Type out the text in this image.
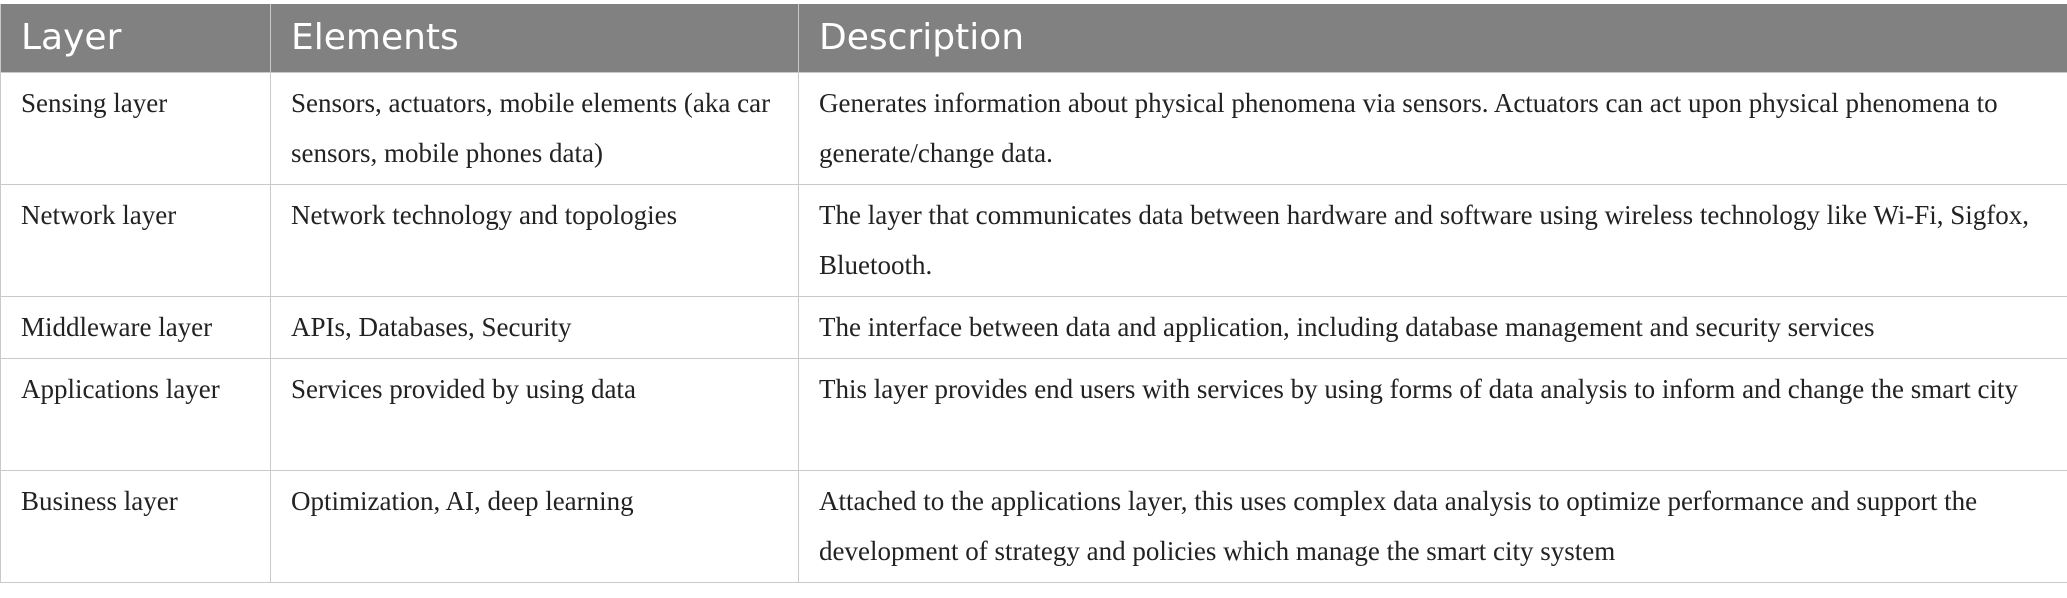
Layer	Elements	Description
Sensing layer	Sensors, actuators, mobile elements (aka car sensors, mobile phones data)	Generates information about physical phenomena via sensors. Actuators can act upon physical phenomena to generate/change data.
Network layer	Network technology and topologies	The layer that communicates data between hardware and software using wireless technology like Wi-Fi, Sigfox, Bluetooth.
Middleware layer	APIs, Databases, Security	The interface between data and application, including database management and security services
Applications layer	Services provided by using data	This layer provides end users with services by using forms of data analysis to inform and change the smart city
Business layer	Optimization, AI, deep learning	Attached to the applications layer, this uses complex data analysis to optimize performance and support the development of strategy and policies which manage the smart city system
